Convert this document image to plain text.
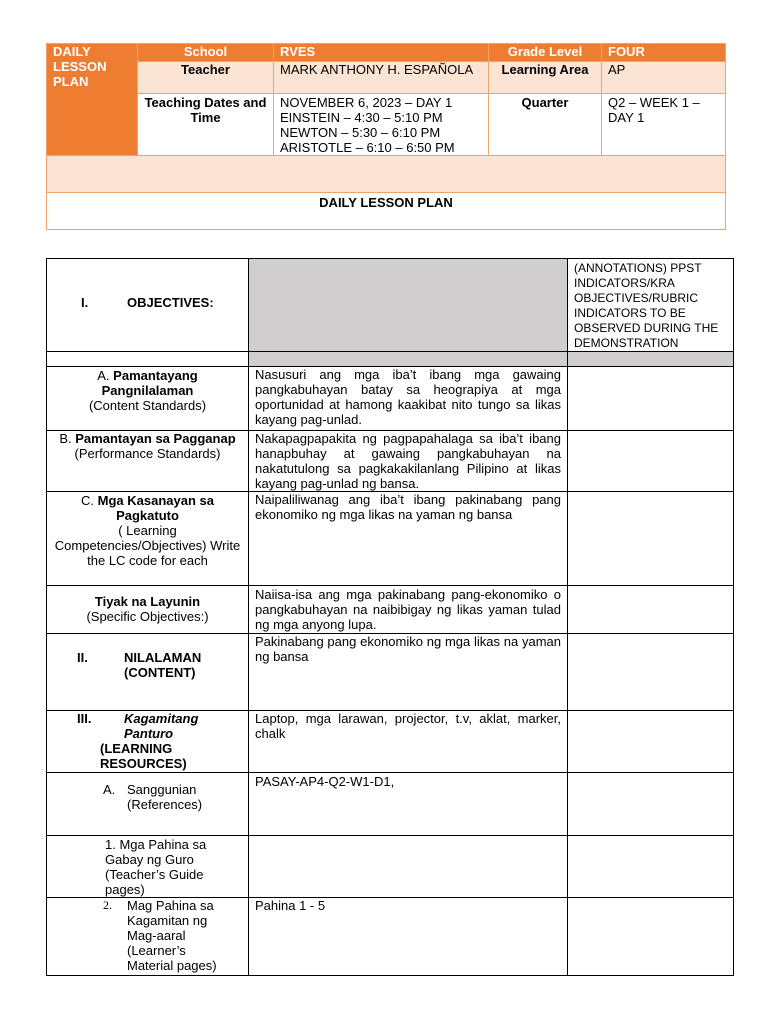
DAILY LESSON PLAN	School	RVES	Grade Level	FOUR
	Teacher	MARK ANTHONY H. ESPAÑOLA	Learning Area	AP
	Teaching Dates and Time	NOVEMBER 6, 2023 – DAY 1
EINSTEIN – 4:30 – 5:10 PM
NEWTON – 5:30 – 6:10 PM
ARISTOTLE – 6:10 – 6:50 PM	Quarter	Q2 – WEEK 1 – DAY 1

DAILY LESSON PLAN				
I. OBJECTIVES:		(ANNOTATIONS) PPST INDICATORS/KRA OBJECTIVES/RUBRIC INDICATORS TO BE OBSERVED DURING THE DEMONSTRATION

A. Pamantayang Pangnilalaman
(Content Standards)	Nasusuri ang mga iba’t ibang mga gawaing pangkabuhayan batay sa heograpiya at mga oportunidad at hamong kaakibat nito tungo sa likas kayang pag-unlad.	
B. Pamantayan sa Pagganap
(Performance Standards)	Nakapagpapakita ng pagpapahalaga sa iba’t ibang hanapbuhay at gawaing pangkabuhayan na nakatutulong sa pagkakakilanlang Pilipino at likas kayang pag-unlad ng bansa.	
C. Mga Kasanayan sa Pagkatuto
( Learning Competencies/Objectives) Write the LC code for each	Naipaliliwanag ang iba’t ibang pakinabang pang ekonomiko ng mga likas na yaman ng bansa	
Tiyak na Layunin
(Specific Objectives:)	Naiisa-isa ang mga pakinabang pang-ekonomiko o pangkabuhayan na naibibigay ng likas yaman tulad ng mga anyong lupa.	

II. NILALAMAN (CONTENT)	Pakinabang pang ekonomiko ng mga likas na yaman ng bansa	

III. Kagamitang Panturo
(LEARNING RESOURCES)	Laptop, mga larawan, projector, t.v, aklat, marker, chalk	

A. Sanggunian (References)	PASAY-AP4-Q2-W1-D1,	

1. Mga Pahina sa Gabay ng Guro (Teacher’s Guide pages)		

2. Mag Pahina sa Kagamitan ng Mag-aaral (Learner’s Material pages)	Pahina 1 - 5	
